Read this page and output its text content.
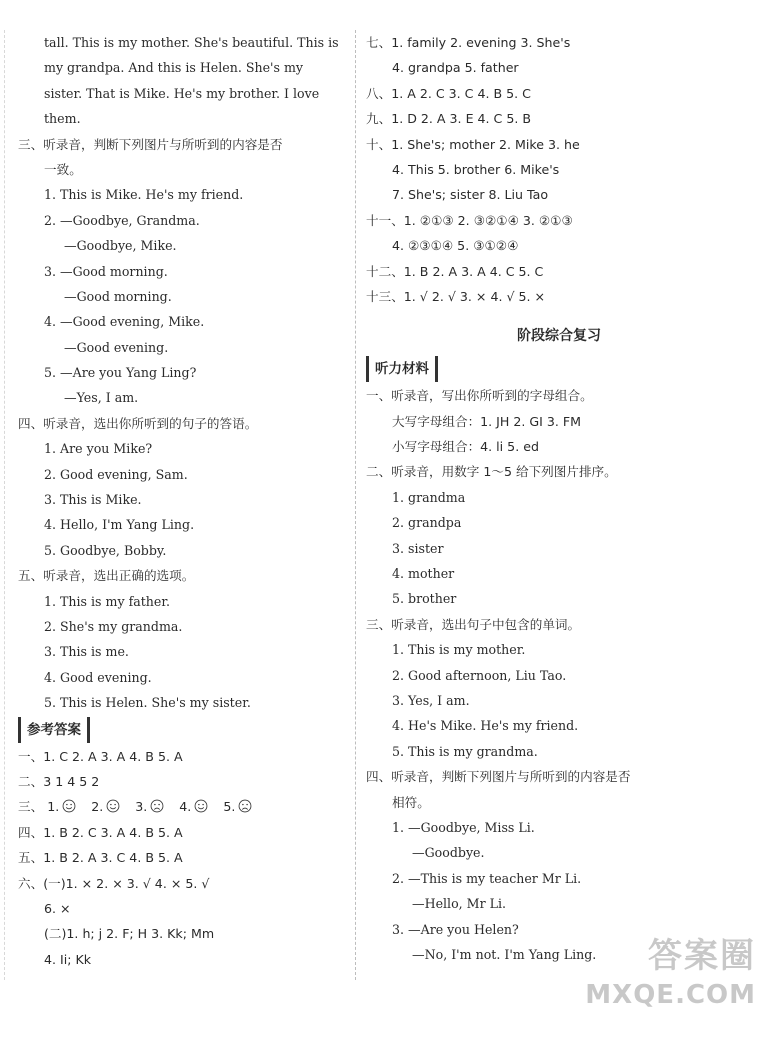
tall. This is my mother. She's beautiful. This is
my grandpa. And this is Helen. She's my
sister. That is Mike. He's my brother. I love
them.
三、听录音，判断下列图片与所听到的内容是否
一致。
1. This is Mike. He's my friend.
2. —Goodbye, Grandma.
—Goodbye, Mike.
3. —Good morning.
—Good morning.
4. —Good evening, Mike.
—Good evening.
5. —Are you Yang Ling?
—Yes, I am.
四、听录音，选出你所听到的句子的答语。
1. Are you Mike?
2. Good evening, Sam.
3. This is Mike.
4. Hello, I'm Yang Ling.
5. Goodbye, Bobby.
五、听录音，选出正确的选项。
1. This is my father.
2. She's my grandma.
3. This is me.
4. Good evening.
5. This is Helen. She's my sister.
参考答案
一、1. C 2. A 3. A 4. B 5. A
二、3 1 4 5 2
三、 1.	2.	3.	4.	5.
四、1. B 2. C 3. A 4. B 5. A
五、1. B 2. A 3. C 4. B 5. A
六、(一)1. × 2. × 3. √ 4. × 5. √
6. ×
(二)1. h; j 2. F; H 3. Kk; Mm
4. Ii; Kk
七、1. family 2. evening 3. She's
4. grandpa 5. father
八、1. A 2. C 3. C 4. B 5. C
九、1. D 2. A 3. E 4. C 5. B
十、1. She's; mother 2. Mike 3. he
4. This 5. brother 6. Mike's
7. She's; sister 8. Liu Tao
十一、1. ②①③ 2. ③②①④ 3. ②①③
4. ②③①④ 5. ③①②④
十二、1. B 2. A 3. A 4. C 5. C
十三、1. √ 2. √ 3. × 4. √ 5. ×
阶段综合复习
听力材料
一、听录音，写出你所听到的字母组合。
大写字母组合：1. JH 2. GI 3. FM
小写字母组合：4. li 5. ed
二、听录音，用数字 1～5 给下列图片排序。
1. grandma
2. grandpa
3. sister
4. mother
5. brother
三、听录音，选出句子中包含的单词。
1. This is my mother.
2. Good afternoon, Liu Tao.
3. Yes, I am.
4. He's Mike. He's my friend.
5. This is my grandma.
四、听录音，判断下列图片与所听到的内容是否
相符。
1. —Goodbye, Miss Li.
—Goodbye.
2. —This is my teacher Mr Li.
—Hello, Mr Li.
3. —Are you Helen?
—No, I'm not. I'm Yang Ling.	答案圈
MXQE.COM
